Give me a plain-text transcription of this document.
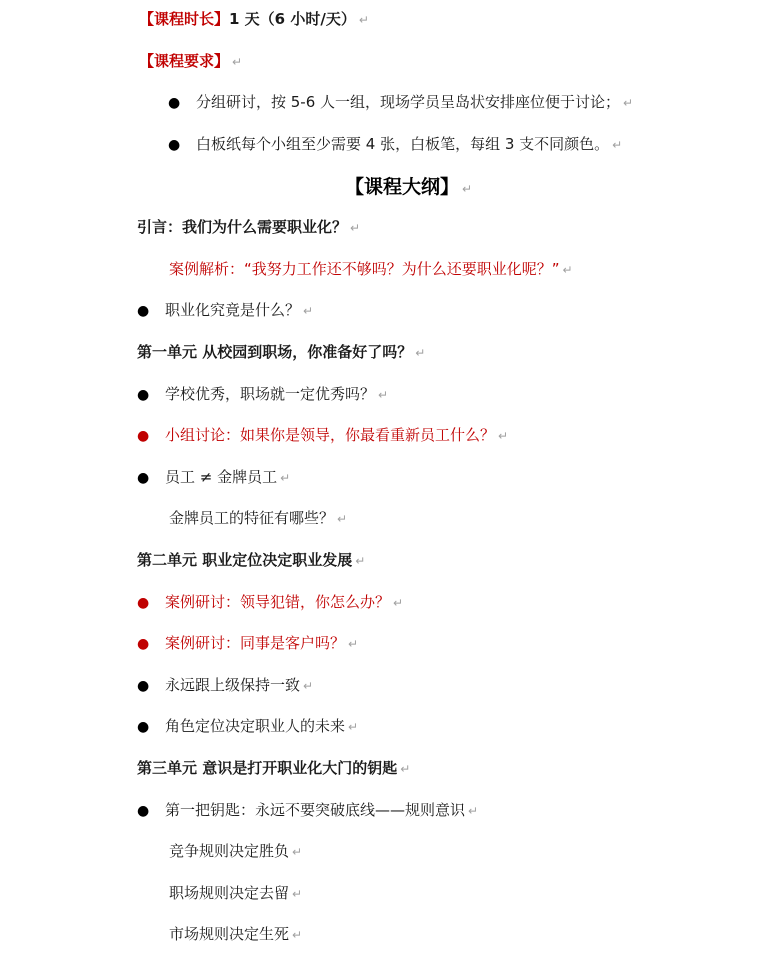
【课程时长】1 天（6 小时/天） ↵
【课程要求】 ↵
● 分组研讨，按 5-6 人一组，现场学员呈岛状安排座位便于讨论； ↵
● 白板纸每个小组至少需要 4 张，白板笔，每组 3 支不同颜色。 ↵
【课程大纲】 ↵
引言：我们为什么需要职业化？ ↵
案例解析：“我努力工作还不够吗？为什么还要职业化呢？” ↵
● 职业化究竟是什么？ ↵
第一单元 从校园到职场，你准备好了吗？ ↵
● 学校优秀，职场就一定优秀吗？ ↵
● 小组讨论：如果你是领导，你最看重新员工什么？ ↵
● 员工 ≠ 金牌员工 ↵
金牌员工的特征有哪些？ ↵
第二单元 职业定位决定职业发展 ↵
● 案例研讨：领导犯错，你怎么办？ ↵
● 案例研讨：同事是客户吗？ ↵
● 永远跟上级保持一致 ↵
● 角色定位决定职业人的未来 ↵
第三单元 意识是打开职业化大门的钥匙 ↵
● 第一把钥匙：永远不要突破底线——规则意识 ↵
竞争规则决定胜负 ↵
职场规则决定去留 ↵
市场规则决定生死 ↵
